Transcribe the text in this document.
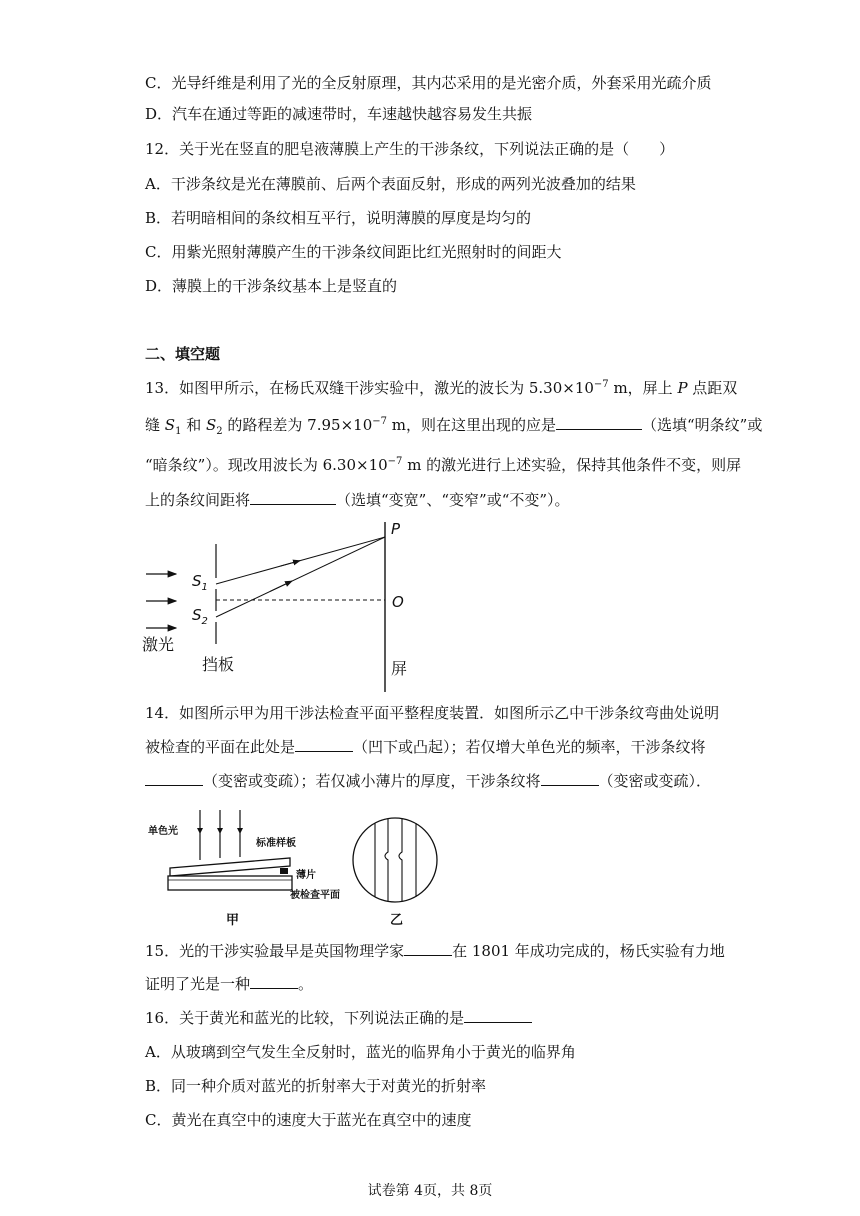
C．光导纤维是利用了光的全反射原理，其内芯采用的是光密介质，外套采用光疏介质
D．汽车在通过等距的减速带时，车速越快越容易发生共振
12．关于光在竖直的肥皂液薄膜上产生的干涉条纹，下列说法正确的是（　　）
A．干涉条纹是光在薄膜前、后两个表面反射，形成的两列光波叠加的结果
B．若明暗相间的条纹相互平行，说明薄膜的厚度是均匀的
C．用紫光照射薄膜产生的干涉条纹间距比红光照射时的间距大
D．薄膜上的干涉条纹基本上是竖直的
二、填空题
13．如图甲所示，在杨氏双缝干涉实验中，激光的波长为 $5.30\times 10^{-7}$ m，屏上 P 点距双
缝 $S_1$ 和 $S_2$ 的路程差为 $7.95\times 10^{-7}$ m，则在这里出现的应是	（选填“明条纹”或
“暗条纹”）。现改用波长为 $6.30\times 10^{-7}$ m 的激光进行上述实验，保持其他条件不变，则屏
上的条纹间距将	（选填“变宽”、“变窄”或“不变”）。
$S_1$
$S_2$
P
O
激光
挡板	屏
14．如图所示甲为用干涉法检查平面平整程度装置．如图所示乙中干涉条纹弯曲处说明
被检查的平面在此处是	（凹下或凸起）；若仅增大单色光的频率，干涉条纹将
（变密或变疏）；若仅减小薄片的厚度，干涉条纹将	（变密或变疏）．
单色光
标准样板
薄片
被检查平面
甲	乙
15．光的干涉实验最早是英国物理学家	在 1801 年成功完成的，杨氏实验有力地
证明了光是一种	。
16．关于黄光和蓝光的比较，下列说法正确的是
A．从玻璃到空气发生全反射时，蓝光的临界角小于黄光的临界角
B．同一种介质对蓝光的折射率大于对黄光的折射率
C．黄光在真空中的速度大于蓝光在真空中的速度
试卷第 4页，共 8页
